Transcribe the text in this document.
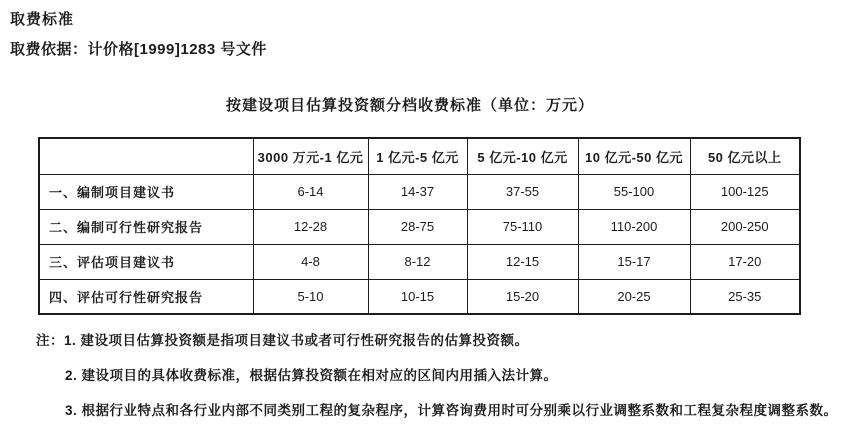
取费标准
取费依据：计价格[1999]1283 号文件
按建设项目估算投资额分档收费标准（单位：万元）
	3000 万元-1 亿元	1 亿元-5 亿元	5 亿元-10 亿元	10 亿元-50 亿元	50 亿元以上
一、编制项目建议书	6-14	14-37	37-55	55-100	100-125
二、编制可行性研究报告	12-28	28-75	75-110	110-200	200-250
三、评估项目建议书	4-8	8-12	12-15	15-17	17-20
四、评估可行性研究报告	5-10	10-15	15-20	20-25	25-35
注： 1. 建设项目估算投资额是指项目建议书或者可行性研究报告的估算投资额。
2. 建设项目的具体收费标准，根据估算投资额在相对应的区间内用插入法计算。
3. 根据行业特点和各行业内部不同类别工程的复杂程序，计算咨询费用时可分别乘以行业调整系数和工程复杂程度调整系数。
